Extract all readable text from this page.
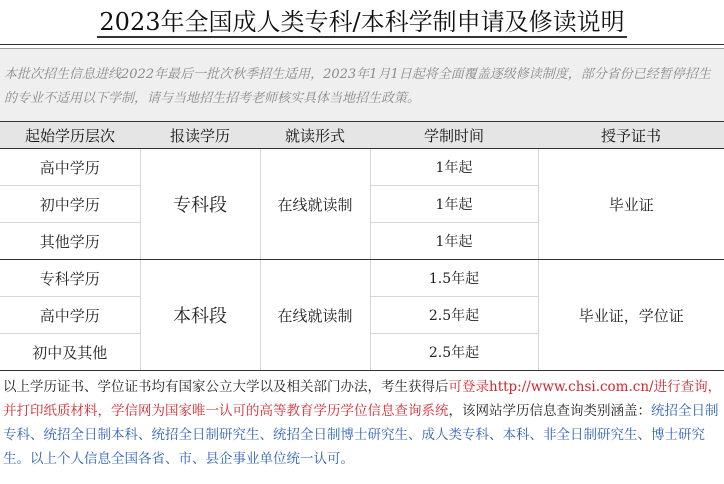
2023年全国成人类专科/本科学制申请及修读说明

本批次招生信息进线2022年最后一批次秋季招生适用，2023年1月1日起将全面覆盖逐级修读制度，部分省份已经暂停招生的专业不适用以下学制，请与当地招生招考老师核实具体当地招生政策。

起始学历层次	报读学历	就读形式	学制时间	授予证书
高中学历	专科段	在线就读制	1年起	毕业证
初中学历			1年起	
其他学历			1年起	
专科学历	本科段	在线就读制	1.5年起	毕业证，学位证
高中学历			2.5年起	
初中及其他			2.5年起	
以上学历证书、学位证书均有国家公立大学以及相关部门办法，考生获得后可登录http://www.chsi.com.cn/进行查询，并打印纸质材料，学信网为国家唯一认可的高等教育学历学位信息查询系统，该网站学历信息查询类别涵盖：统招全日制专科、统招全日制本科、统招全日制研究生、统招全日制博士研究生、成人类专科、本科、非全日制研究生、博士研究生。以上个人信息全国各省、市、县企事业单位统一认可。
